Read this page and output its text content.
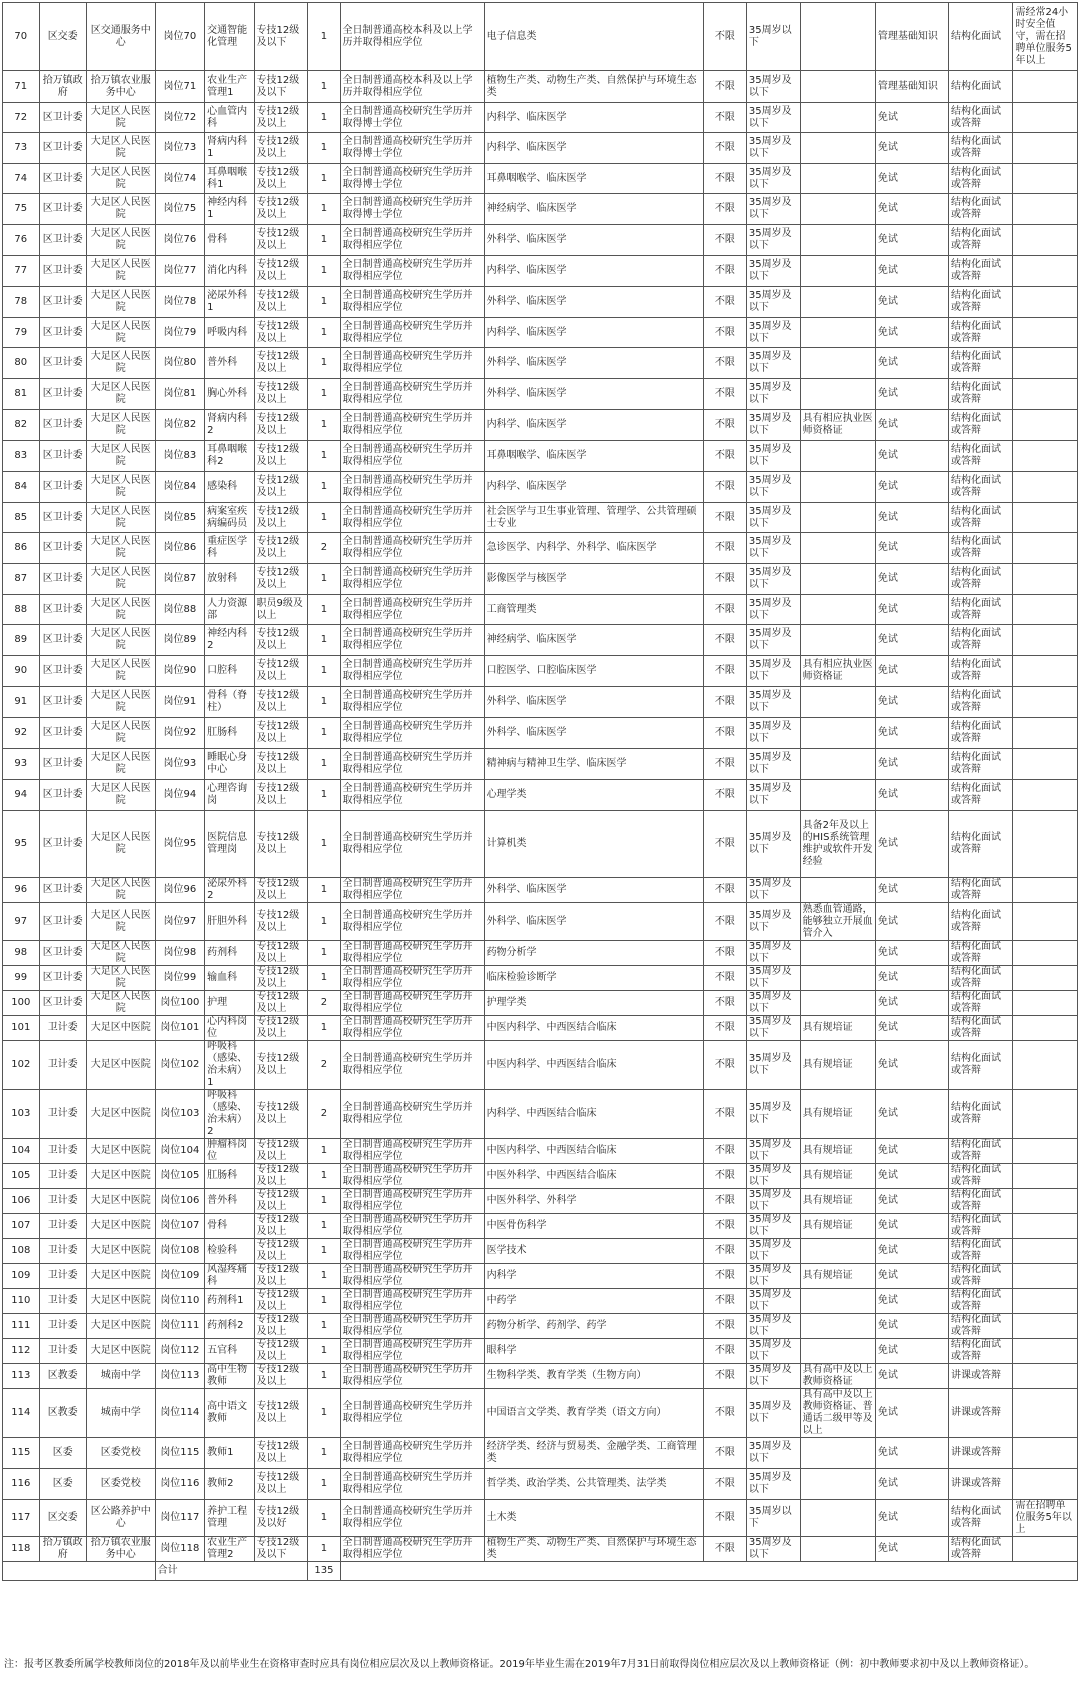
70	区交委	区交通服务中心	岗位70	交通智能化管理	专技12级及以下	1	全日制普通高校本科及以上学历并取得相应学位	电子信息类	不限	35周岁以下		管理基础知识	结构化面试	需经常24小时安全值守，需在招聘单位服务5年以上
71	拾万镇政府	拾万镇农业服务中心	岗位71	农业生产管理1	专技12级及以下	1	全日制普通高校本科及以上学历并取得相应学位	植物生产类、动物生产类、自然保护与环境生态类	不限	35周岁及以下		管理基础知识	结构化面试	
72	区卫计委	大足区人民医院	岗位72	心血管内科	专技12级及以上	1	全日制普通高校研究生学历并取得博士学位	内科学、临床医学	不限	35周岁及以下		免试	结构化面试或答辩	
73	区卫计委	大足区人民医院	岗位73	肾病内科1	专技12级及以上	1	全日制普通高校研究生学历并取得博士学位	内科学、临床医学	不限	35周岁及以下		免试	结构化面试或答辩	
74	区卫计委	大足区人民医院	岗位74	耳鼻咽喉科1	专技12级及以上	1	全日制普通高校研究生学历并取得博士学位	耳鼻咽喉学、临床医学	不限	35周岁及以下		免试	结构化面试或答辩	
75	区卫计委	大足区人民医院	岗位75	神经内科1	专技12级及以上	1	全日制普通高校研究生学历并取得博士学位	神经病学、临床医学	不限	35周岁及以下		免试	结构化面试或答辩	
76	区卫计委	大足区人民医院	岗位76	骨科	专技12级及以上	1	全日制普通高校研究生学历并取得相应学位	外科学、临床医学	不限	35周岁及以下		免试	结构化面试或答辩	
77	区卫计委	大足区人民医院	岗位77	消化内科	专技12级及以上	1	全日制普通高校研究生学历并取得相应学位	内科学、临床医学	不限	35周岁及以下		免试	结构化面试或答辩	
78	区卫计委	大足区人民医院	岗位78	泌尿外科1	专技12级及以上	1	全日制普通高校研究生学历并取得相应学位	外科学、临床医学	不限	35周岁及以下		免试	结构化面试或答辩	
79	区卫计委	大足区人民医院	岗位79	呼吸内科	专技12级及以上	1	全日制普通高校研究生学历并取得相应学位	内科学、临床医学	不限	35周岁及以下		免试	结构化面试或答辩	
80	区卫计委	大足区人民医院	岗位80	普外科	专技12级及以上	1	全日制普通高校研究生学历并取得相应学位	外科学、临床医学	不限	35周岁及以下		免试	结构化面试或答辩	
81	区卫计委	大足区人民医院	岗位81	胸心外科	专技12级及以上	1	全日制普通高校研究生学历并取得相应学位	外科学、临床医学	不限	35周岁及以下		免试	结构化面试或答辩	
82	区卫计委	大足区人民医院	岗位82	肾病内科2	专技12级及以上	1	全日制普通高校研究生学历并取得相应学位	内科学、临床医学	不限	35周岁及以下	具有相应执业医师资格证	免试	结构化面试或答辩	
83	区卫计委	大足区人民医院	岗位83	耳鼻咽喉科2	专技12级及以上	1	全日制普通高校研究生学历并取得相应学位	耳鼻咽喉学、临床医学	不限	35周岁及以下		免试	结构化面试或答辩	
84	区卫计委	大足区人民医院	岗位84	感染科	专技12级及以上	1	全日制普通高校研究生学历并取得相应学位	内科学、临床医学	不限	35周岁及以下		免试	结构化面试或答辩	
85	区卫计委	大足区人民医院	岗位85	病案室疾病编码员	专技12级及以上	1	全日制普通高校研究生学历并取得相应学位	社会医学与卫生事业管理、管理学、公共管理硕士专业	不限	35周岁及以下		免试	结构化面试或答辩	
86	区卫计委	大足区人民医院	岗位86	重症医学科	专技12级及以上	2	全日制普通高校研究生学历并取得相应学位	急诊医学、内科学、外科学、临床医学	不限	35周岁及以下		免试	结构化面试或答辩	
87	区卫计委	大足区人民医院	岗位87	放射科	专技12级及以上	1	全日制普通高校研究生学历并取得相应学位	影像医学与核医学	不限	35周岁及以下		免试	结构化面试或答辩	
88	区卫计委	大足区人民医院	岗位88	人力资源部	职员9级及以上	1	全日制普通高校研究生学历并取得相应学位	工商管理类	不限	35周岁及以下		免试	结构化面试或答辩	
89	区卫计委	大足区人民医院	岗位89	神经内科2	专技12级及以上	1	全日制普通高校研究生学历并取得相应学位	神经病学、临床医学	不限	35周岁及以下		免试	结构化面试或答辩	
90	区卫计委	大足区人民医院	岗位90	口腔科	专技12级及以上	1	全日制普通高校研究生学历并取得相应学位	口腔医学、口腔临床医学	不限	35周岁及以下	具有相应执业医师资格证	免试	结构化面试或答辩	
91	区卫计委	大足区人民医院	岗位91	骨科（脊柱）	专技12级及以上	1	全日制普通高校研究生学历并取得相应学位	外科学、临床医学	不限	35周岁及以下		免试	结构化面试或答辩	
92	区卫计委	大足区人民医院	岗位92	肛肠科	专技12级及以上	1	全日制普通高校研究生学历并取得相应学位	外科学、临床医学	不限	35周岁及以下		免试	结构化面试或答辩	
93	区卫计委	大足区人民医院	岗位93	睡眠心身中心	专技12级及以上	1	全日制普通高校研究生学历并取得相应学位	精神病与精神卫生学、临床医学	不限	35周岁及以下		免试	结构化面试或答辩	
94	区卫计委	大足区人民医院	岗位94	心理咨询岗	专技12级及以上	1	全日制普通高校研究生学历并取得相应学位	心理学类	不限	35周岁及以下		免试	结构化面试或答辩	
95	区卫计委	大足区人民医院	岗位95	医院信息管理岗	专技12级及以上	1	全日制普通高校研究生学历并取得相应学位	计算机类	不限	35周岁及以下	具备2年及以上的HIS系统管理维护或软件开发经验	免试	结构化面试或答辩	
96	区卫计委	大足区人民医院	岗位96	泌尿外科2	专技12级及以上	1	全日制普通高校研究生学历并取得相应学位	外科学、临床医学	不限	35周岁及以下		免试	结构化面试或答辩	
97	区卫计委	大足区人民医院	岗位97	肝胆外科	专技12级及以上	1	全日制普通高校研究生学历并取得相应学位	外科学、临床医学	不限	35周岁及以下	熟悉血管通路，能够独立开展血管介入	免试	结构化面试或答辩	
98	区卫计委	大足区人民医院	岗位98	药剂科	专技12级及以上	1	全日制普通高校研究生学历并取得相应学位	药物分析学	不限	35周岁及以下		免试	结构化面试或答辩	
99	区卫计委	大足区人民医院	岗位99	输血科	专技12级及以上	1	全日制普通高校研究生学历并取得相应学位	临床检验诊断学	不限	35周岁及以下		免试	结构化面试或答辩	
100	区卫计委	大足区人民医院	岗位100	护理	专技12级及以上	2	全日制普通高校研究生学历并取得相应学位	护理学类	不限	35周岁及以下		免试	结构化面试或答辩	
101	卫计委	大足区中医院	岗位101	心内科岗位	专技12级及以上	1	全日制普通高校研究生学历并取得相应学位	中医内科学、中西医结合临床	不限	35周岁及以下	具有规培证	免试	结构化面试或答辩	
102	卫计委	大足区中医院	岗位102	呼吸科（感染、治未病）1	专技12级及以上	2	全日制普通高校研究生学历并取得相应学位	中医内科学、中西医结合临床	不限	35周岁及以下	具有规培证	免试	结构化面试或答辩	
103	卫计委	大足区中医院	岗位103	呼吸科（感染、治未病）2	专技12级及以上	2	全日制普通高校研究生学历并取得相应学位	内科学、中西医结合临床	不限	35周岁及以下	具有规培证	免试	结构化面试或答辩	
104	卫计委	大足区中医院	岗位104	肿瘤科岗位	专技12级及以上	1	全日制普通高校研究生学历并取得相应学位	中医内科学、中西医结合临床	不限	35周岁及以下	具有规培证	免试	结构化面试或答辩	
105	卫计委	大足区中医院	岗位105	肛肠科	专技12级及以上	1	全日制普通高校研究生学历并取得相应学位	中医外科学、中西医结合临床	不限	35周岁及以下	具有规培证	免试	结构化面试或答辩	
106	卫计委	大足区中医院	岗位106	普外科	专技12级及以上	1	全日制普通高校研究生学历并取得相应学位	中医外科学、外科学	不限	35周岁及以下	具有规培证	免试	结构化面试或答辩	
107	卫计委	大足区中医院	岗位107	骨科	专技12级及以上	1	全日制普通高校研究生学历并取得相应学位	中医骨伤科学	不限	35周岁及以下	具有规培证	免试	结构化面试或答辩	
108	卫计委	大足区中医院	岗位108	检验科	专技12级及以上	1	全日制普通高校研究生学历并取得相应学位	医学技术	不限	35周岁及以下		免试	结构化面试或答辩	
109	卫计委	大足区中医院	岗位109	风湿疼痛科	专技12级及以上	1	全日制普通高校研究生学历并取得相应学位	内科学	不限	35周岁及以下	具有规培证	免试	结构化面试或答辩	
110	卫计委	大足区中医院	岗位110	药剂科1	专技12级及以上	1	全日制普通高校研究生学历并取得相应学位	中药学	不限	35周岁及以下		免试	结构化面试或答辩	
111	卫计委	大足区中医院	岗位111	药剂科2	专技12级及以上	1	全日制普通高校研究生学历并取得相应学位	药物分析学、药剂学、药学	不限	35周岁及以下		免试	结构化面试或答辩	
112	卫计委	大足区中医院	岗位112	五官科	专技12级及以上	1	全日制普通高校研究生学历并取得相应学位	眼科学	不限	35周岁及以下		免试	结构化面试或答辩	
113	区教委	城南中学	岗位113	高中生物教师	专技12级及以上	1	全日制普通高校研究生学历并取得相应学位	生物科学类、教育学类（生物方向）	不限	35周岁及以下	具有高中及以上教师资格证	免试	讲课或答辩	
114	区教委	城南中学	岗位114	高中语文教师	专技12级及以上	1	全日制普通高校研究生学历并取得相应学位	中国语言文学类、教育学类（语文方向）	不限	35周岁及以下	具有高中及以上教师资格证、普通话二级甲等及以上	免试	讲课或答辩	
115	区委	区委党校	岗位115	教师1	专技12级及以上	1	全日制普通高校研究生学历并取得相应学位	经济学类、经济与贸易类、金融学类、工商管理类	不限	35周岁及以下		免试	讲课或答辩	
116	区委	区委党校	岗位116	教师2	专技12级及以上	1	全日制普通高校研究生学历并取得相应学位	哲学类、政治学类、公共管理类、法学类	不限	35周岁及以下		免试	讲课或答辩	
117	区交委	区公路养护中心	岗位117	养护工程管理	专技12级及以好	1	全日制普通高校研究生学历并取得相应学位	土木类	不限	35周岁以下		免试	结构化面试或答辩	需在招聘单位服务5年以上
118	拾万镇政府	拾万镇农业服务中心	岗位118	农业生产管理2	专技12级及以下	1	全日制普通高校研究生学历并取得相应学位	植物生产类、动物生产类、自然保护与环境生态类	不限	35周岁及以下		免试	结构化面试或答辩	
			合计			135								
注：报考区教委所属学校教师岗位的2018年及以前毕业生在资格审查时应具有岗位相应层次及以上教师资格证。2019年毕业生需在2019年7月31日前取得岗位相应层次及以上教师资格证（例：初中教师要求初中及以上教师资格证）。
